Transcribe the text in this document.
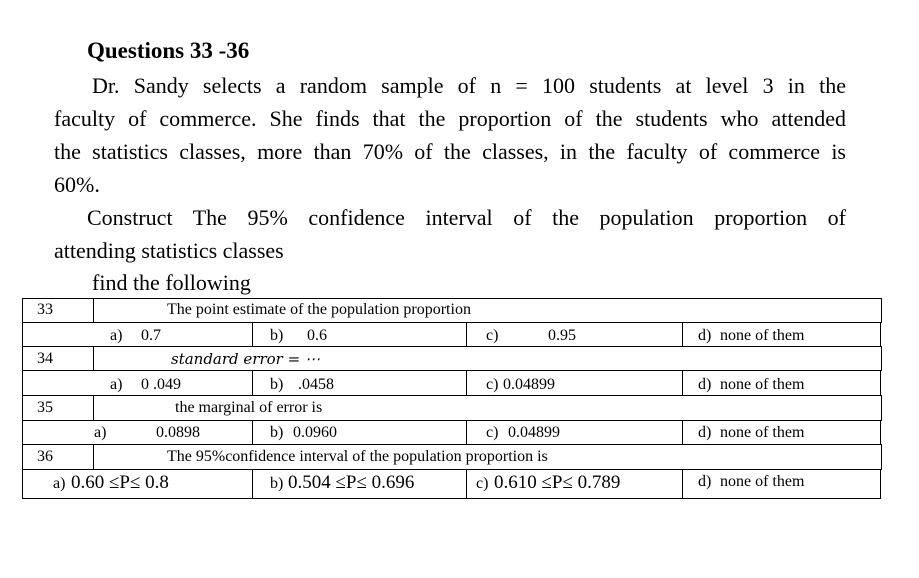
Questions 33 -36
Dr. Sandy selects a random sample of n = 100 students at level 3 in the
faculty of commerce. She finds that the proportion of the students who attended
the statistics classes, more than 70% of the classes, in the faculty of commerce is
60%.
Construct The 95% confidence interval of the population proportion of
attending statistics classes
find the following
33	The point estimate of the population proportion
a) 0.7	b) 0.6	c)	0.95	d) none of them
34	standard error = ⋯
a) 0 .049	b) .0458	c) 0.04899	d) none of them
35	the marginal of error is
a)	0.0898	b) 0.0960	c) 0.04899	d) none of them
36	The 95%confidence interval of the population proportion is
a) 0.60 ≤P≤ 0.8	b) 0.504 ≤P≤ 0.696	c) 0.610 ≤P≤ 0.789	d) none of them
